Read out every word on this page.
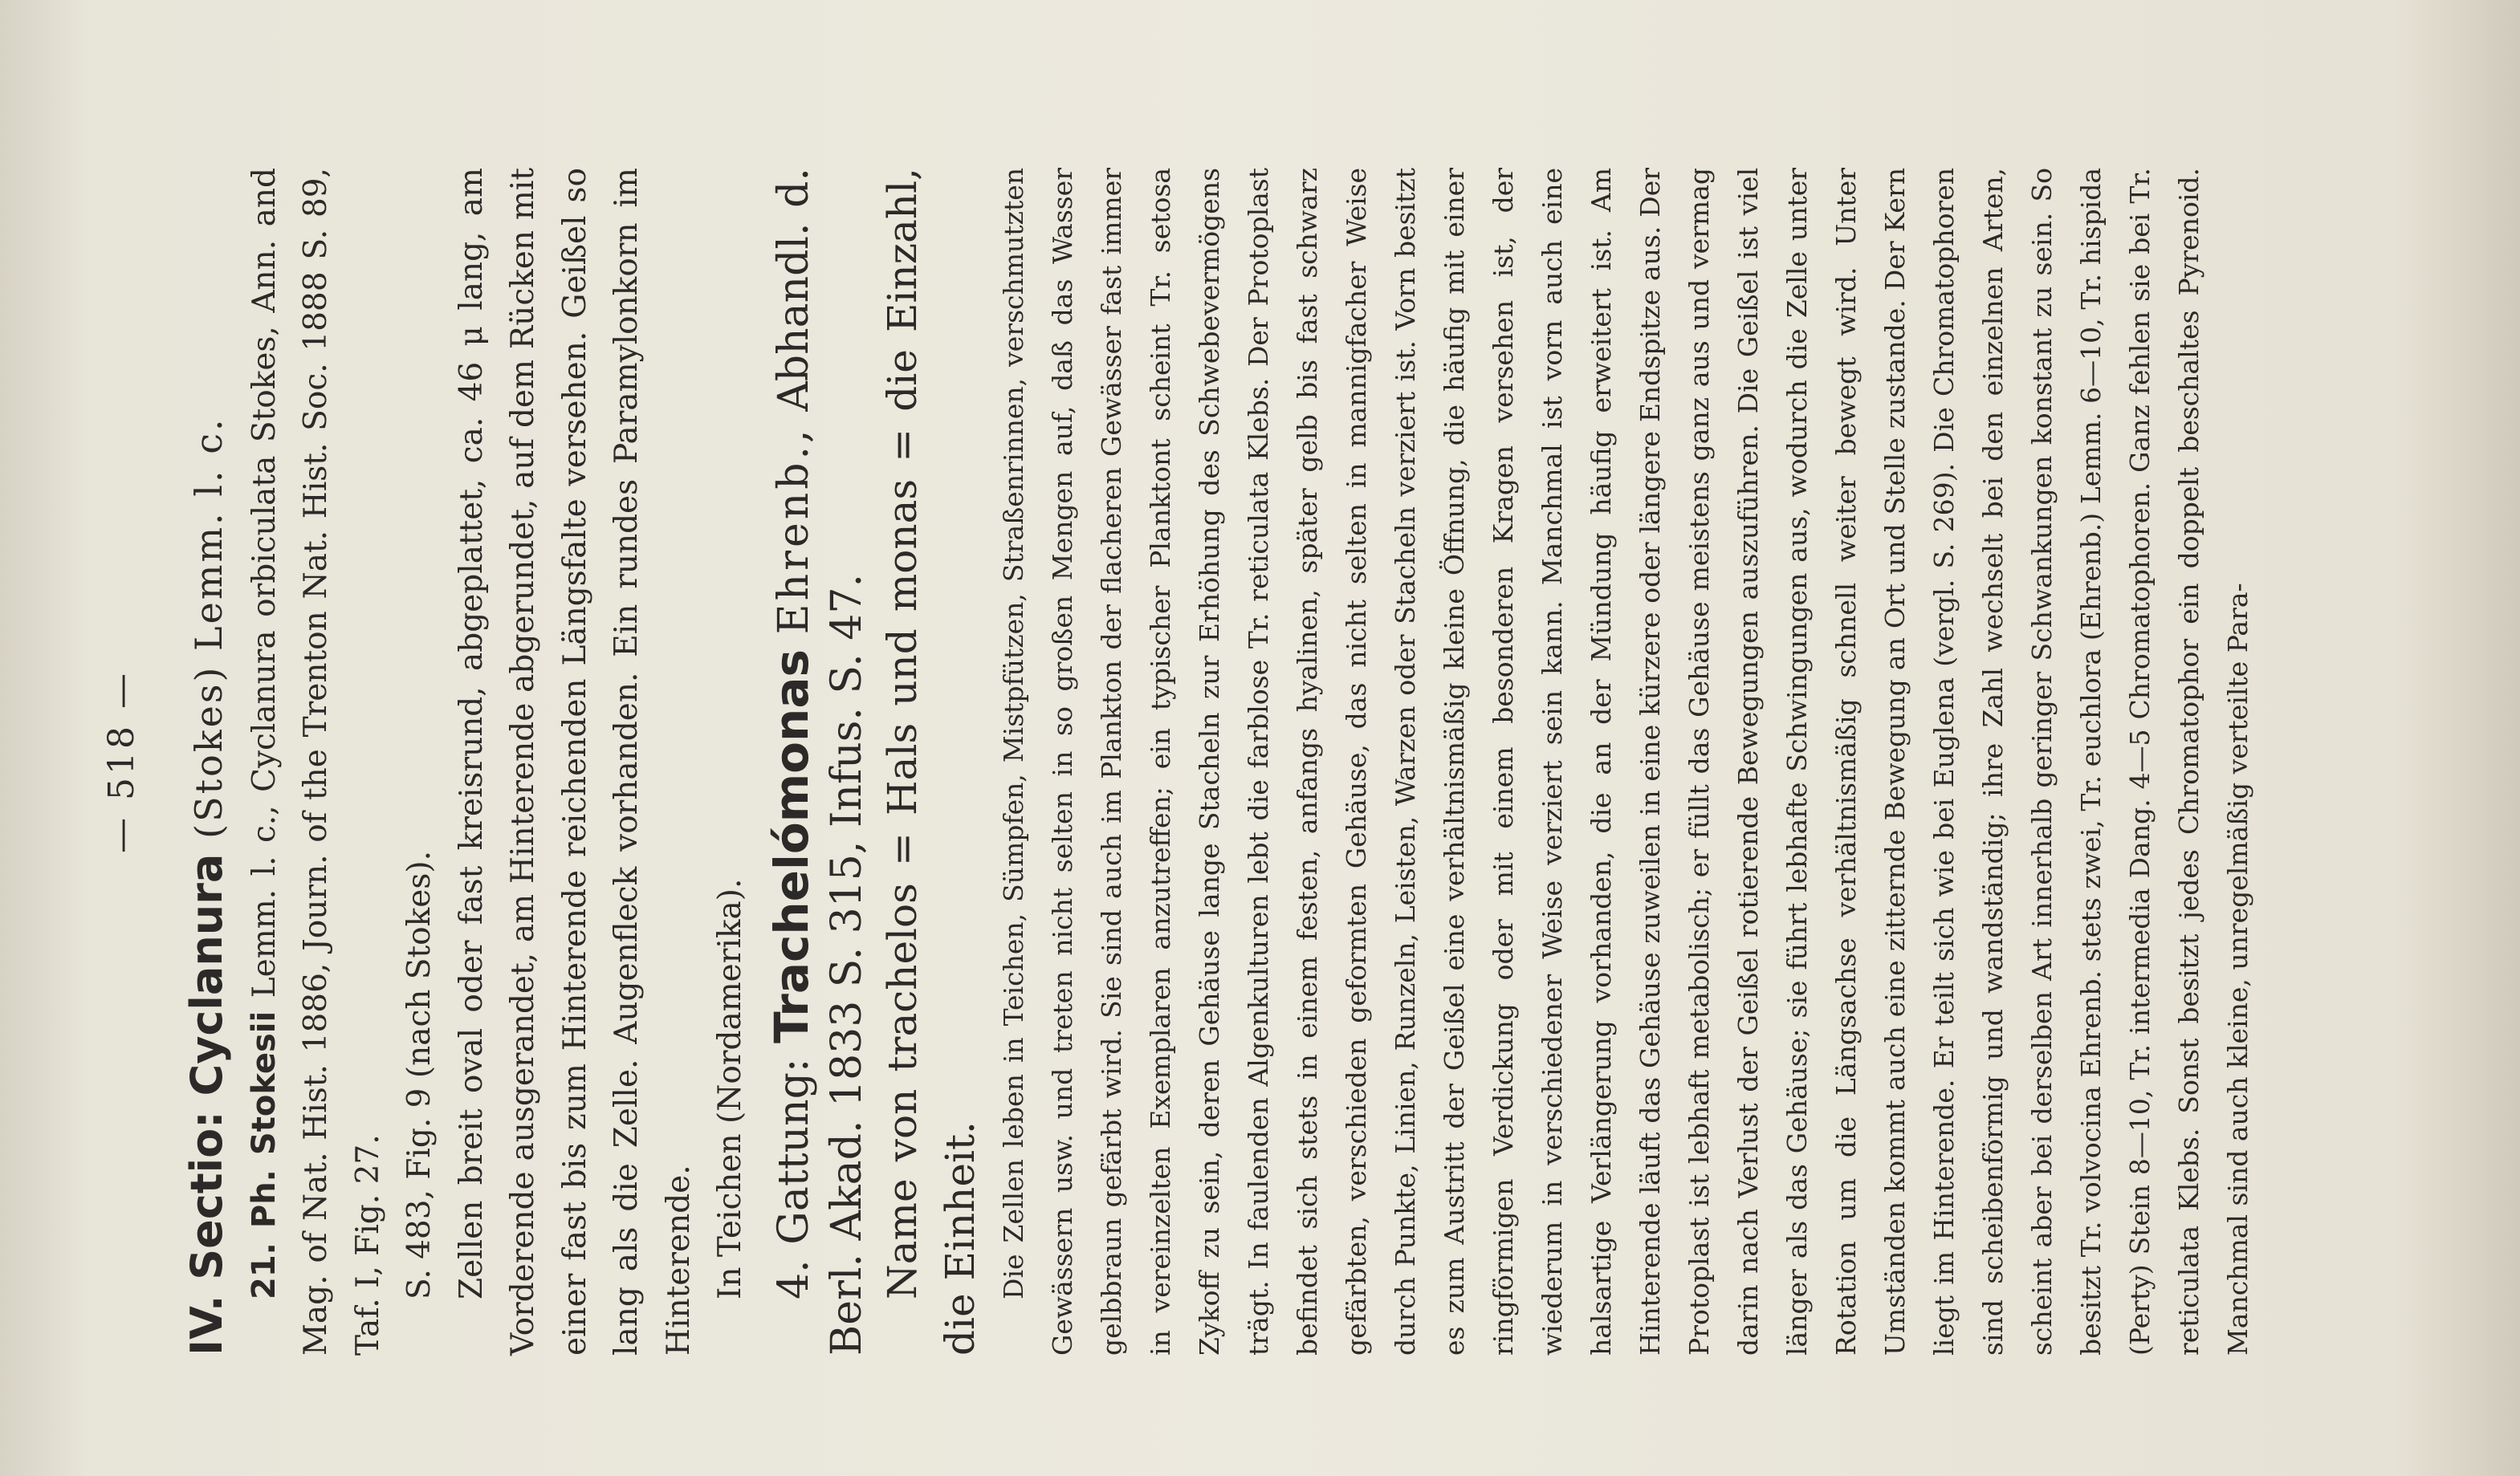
— 518 —
IV. Sectio: Cyclanura (Stokes) Lemm. l. c.

21. Ph. Stokesii Lemm. l. c., Cyclanura orbiculata Stokes, Ann. and Mag. of Nat. Hist. 1886, Journ. of the Trenton Nat. Hist. Soc. 1888 S. 89, Taf. I, Fig. 27. S. 483, Fig. 9 (nach Stokes). Zellen breit oval oder fast kreisrund, abgeplattet, ca. 46 μ lang, am Vorderende ausgerandet, am Hinterende abgerundet, auf dem Rücken mit einer fast bis zum Hinterende reichenden Längsfalte versehen. Geißel so lang als die Zelle. Augenfleck vorhanden. Ein rundes Paramylonkorn im Hinterende. In Teichen (Nordamerika). 4. Gattung: Trachelómonas Ehrenb., Abhandl. d. Berl. Akad. 1833 S. 315, Infus. S. 47. Name von trachelos = Hals und monas = die Einzahl, die Einheit. Die Zellen leben in Teichen, Sümpfen, Mistpfützen, Straßenrinnen, verschmutzten Gewässern usw. und treten nicht selten in so großen Mengen auf, daß das Wasser gelbbraun gefärbt wird. Sie sind auch im Plankton der flacheren Gewässer fast immer in vereinzelten Exemplaren anzutreffen; ein typischer Planktont scheint Tr. setosa Zykoff zu sein, deren Gehäuse lange Stacheln zur Erhöhung des Schwebevermögens trägt. In faulenden Algenkulturen lebt die farblose Tr. reticulata Klebs. Der Protoplast befindet sich stets in einem festen, anfangs hyalinen, später gelb bis fast schwarz gefärbten, verschieden geformten Gehäuse, das nicht selten in mannigfacher Weise durch Punkte, Linien, Runzeln, Leisten, Warzen oder Stacheln verziert ist. Vorn besitzt es zum Austritt der Geißel eine verhältnismäßig kleine Öffnung, die häufig mit einer ringförmigen Verdickung oder mit einem besonderen Kragen versehen ist, der wiederum in verschiedener Weise verziert sein kann. Manchmal ist vorn auch eine halsartige Verlängerung vorhanden, die an der Mündung häufig erweitert ist. Am Hinterende läuft das Gehäuse zuweilen in eine kürzere oder längere Endspitze aus. Der Protoplast ist lebhaft metabolisch; er füllt das Gehäuse meistens ganz aus und vermag darin nach Verlust der Geißel rotierende Bewegungen auszuführen. Die Geißel ist viel länger als das Gehäuse; sie führt lebhafte Schwingungen aus, wodurch die Zelle unter Rotation um die Längsachse verhältnismäßig schnell weiter bewegt wird. Unter Umständen kommt auch eine zitternde Bewegung an Ort und Stelle zustande. Der Kern liegt im Hinterende. Er teilt sich wie bei Euglena (vergl. S. 269). Die Chromatophoren sind scheibenförmig und wandständig; ihre Zahl wechselt bei den einzelnen Arten, scheint aber bei derselben Art innerhalb geringer Schwankungen konstant zu sein. So besitzt Tr. volvocina Ehrenb. stets zwei, Tr. euchlora (Ehrenb.) Lemm. 6—10, Tr. hispida (Perty) Stein 8—10, Tr. intermedia Dang. 4—5 Chromatophoren. Ganz fehlen sie bei Tr. reticulata Klebs. Sonst besitzt jedes Chromatophor ein doppelt beschaltes Pyrenoid. Manchmal sind auch kleine, unregelmäßig verteilte Para-
